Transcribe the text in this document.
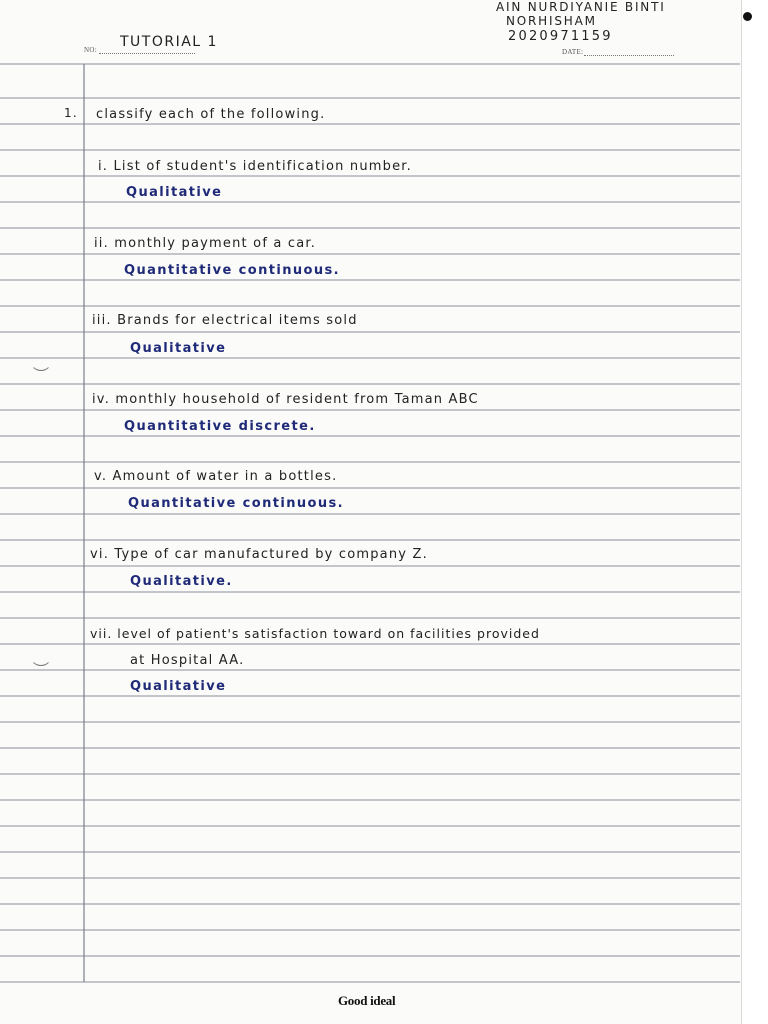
NO: TUTORIAL 1
DATE:
AIN NURDIYANIE BINTI
NORHISHAM
2020971159
1. classify each of the following.
i. List of student's identification number.
Qualitative
ii. monthly payment of a car.
Quantitative continuous.
iii. Brands for electrical items sold
Qualitative
iv. monthly household of resident from Taman ABC
Quantitative discrete.
v. Amount of water in a bottles.
Quantitative continuous.
vi. Type of car manufactured by company Z.
Qualitative.
vii. level of patient's satisfaction toward on facilities provided
at Hospital AA.
Qualitative
Good ideal
